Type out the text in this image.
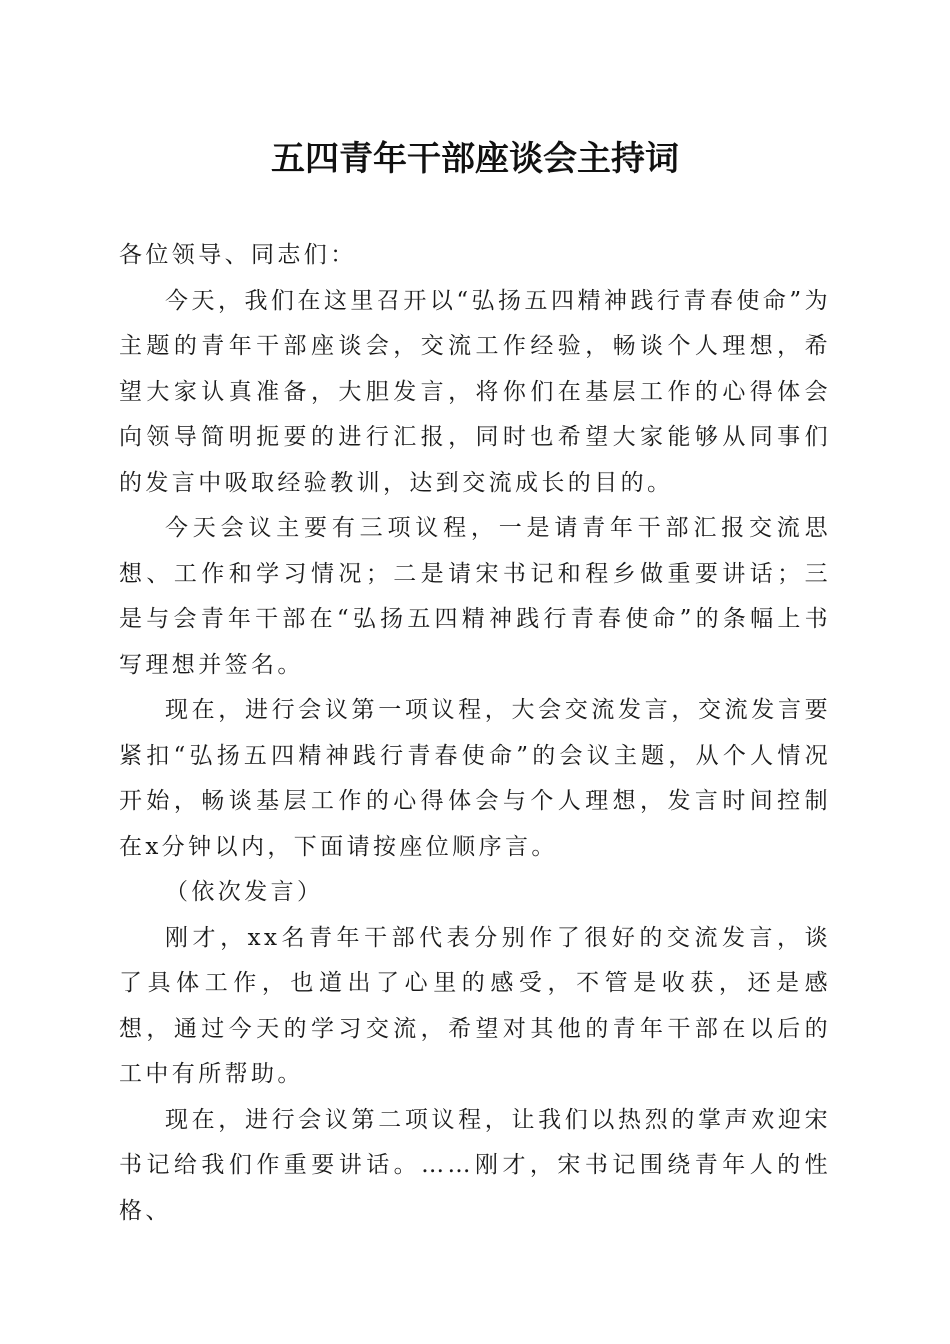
五四青年干部座谈会主持词

各位领导、同志们：

今天，我们在这里召开以“弘扬五四精神践行青春使命”为主题的青年干部座谈会，交流工作经验，畅谈个人理想，希望大家认真准备，大胆发言，将你们在基层工作的心得体会向领导简明扼要的进行汇报，同时也希望大家能够从同事们的发言中吸取经验教训，达到交流成长的目的。

今天会议主要有三项议程，一是请青年干部汇报交流思想、工作和学习情况；二是请宋书记和程乡做重要讲话；三是与会青年干部在“弘扬五四精神践行青春使命”的条幅上书写理想并签名。

现在，进行会议第一项议程，大会交流发言，交流发言要紧扣“弘扬五四精神践行青春使命”的会议主题，从个人情况开始，畅谈基层工作的心得体会与个人理想，发言时间控制在x分钟以内，下面请按座位顺序言。

（依次发言）

刚才，xx名青年干部代表分别作了很好的交流发言，谈了具体工作，也道出了心里的感受，不管是收获，还是感想，通过今天的学习交流，希望对其他的青年干部在以后的工中有所帮助。

现在，进行会议第二项议程，让我们以热烈的掌声欢迎宋书记给我们作重要讲话。……刚才，宋书记围绕青年人的性格、
